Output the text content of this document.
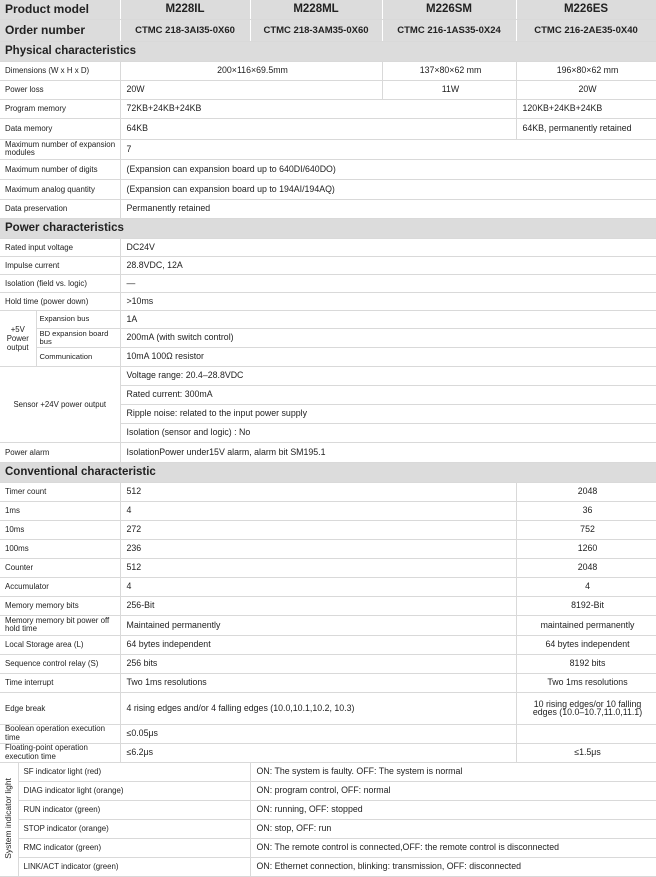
Product model			M228IL	M228ML	M226SM	M226ES
Order number			CTMC 218-3AI35-0X60	CTMC 218-3AM35-0X60	CTMC 216-1AS35-0X24	CTMC 216-2AE35-0X40
Physical characteristics						
Dimensions (W x H x D)			200×116×69.5mm		137×80×62 mm	196×80×62 mm
Power loss			20W		11W	20W
Program memory			72KB+24KB+24KB			120KB+24KB+24KB
Data memory			64KB			64KB, permanently retained
Maximum number of expansion modules			7			
Maximum number of digits			(Expansion can expansion board up to 640DI/640DO)			
Maximum analog quantity			(Expansion can expansion board up to 194AI/194AQ)			
Data preservation			Permanently retained			
Power characteristics						
Rated input voltage			DC24V			
Impulse current			28.8VDC, 12A			
Isolation (field vs. logic)			—			
Hold time (power down)			>10ms			
+5V Power output		Expansion bus	1A			
		BD expansion board bus	200mA (with switch control)			
		Communication	10mA 100Ω resistor			
Sensor +24V power output			Voltage range: 20.4–28.8VDC			
			Rated current: 300mA			
			Ripple noise: related to the input power supply			
			Isolation (sensor and logic) : No			
Power alarm			IsolationPower under15V alarm, alarm bit SM195.1			
Conventional characteristic						
Timer count			512			2048
1ms			4			36
10ms			272			752
100ms			236			1260
Counter			512			2048
Accumulator			4			4
Memory memory bits			256-Bit			8192-Bit
Memory memory bit power off hold time			Maintained permanently			maintained permanently
Local Storage area (L)			64 bytes independent			64 bytes independent
Sequence control relay (S)			256 bits			8192 bits
Time interrupt			Two 1ms resolutions			Two 1ms resolutions
Edge break			4 rising edges and/or 4 falling edges (10.0,10.1,10.2, 10.3)			10 rising edges/or 10 falling edges (10.0–10.7,11.0,11.1)
Boolean operation execution time			≤0.05μs			
Floating-point operation execution time			≤6.2μs			≤1.5μs
System indicator light	SF indicator light (red)			ON: The system is faulty. OFF: The system is normal		
	DIAG indicator light (orange)			ON: program control, OFF: normal		
	RUN indicator (green)			ON: running, OFF: stopped		
	STOP indicator (orange)			ON: stop, OFF: run		
	RMC indicator (green)			ON: The remote control is connected,OFF: the remote control is disconnected		
	LINK/ACT indicator (green)			ON: Ethernet connection, blinking: transmission, OFF: disconnected		
